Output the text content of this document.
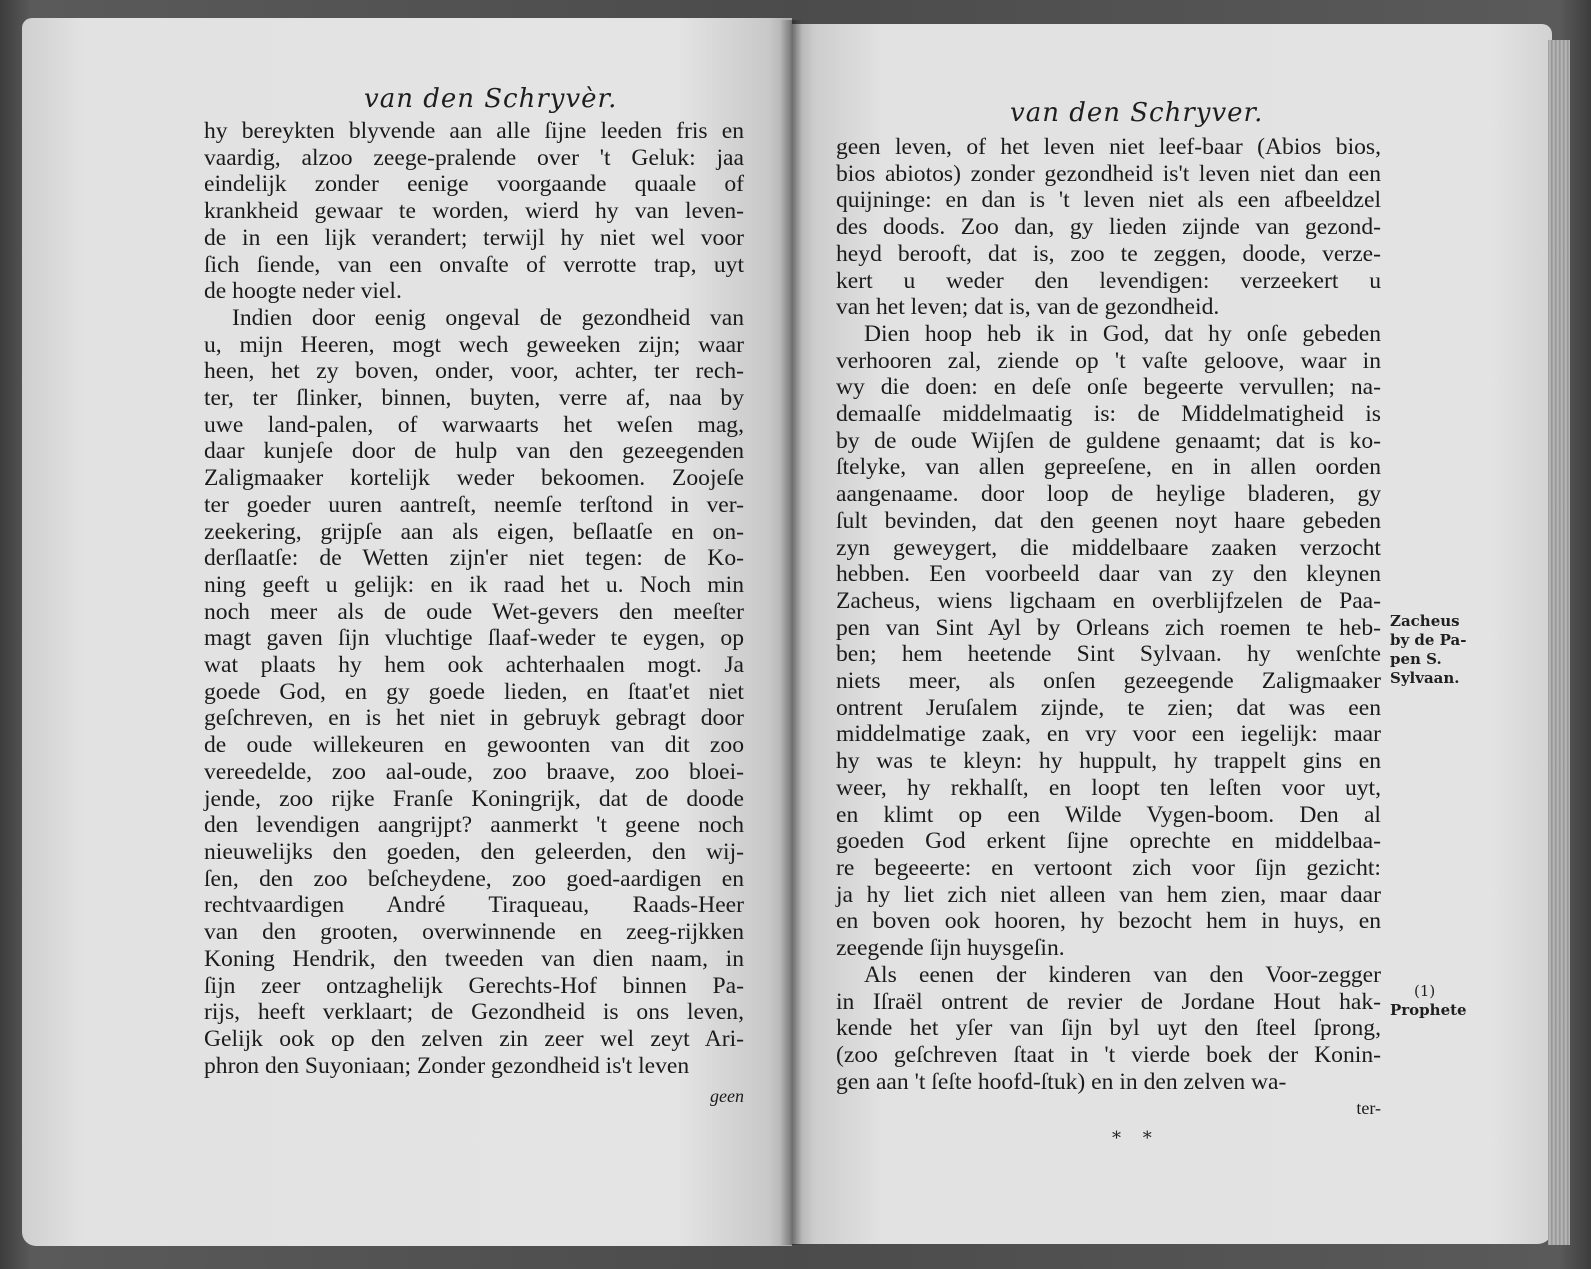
van den Schryvèr.
hy bereykten blyvende aan alle ſijne leeden fris en
vaardig, alzoo zeege-pralende over 't Geluk: jaa
eindelijk zonder eenige voorgaande quaale of
krankheid gewaar te worden, wierd hy van leven-
de in een lijk verandert; terwijl hy niet wel voor
ſich ſiende, van een onvaſte of verrotte trap, uyt
de hoogte neder viel.
Indien door eenig ongeval de gezondheid van
u, mijn Heeren, mogt wech geweeken zijn; waar
heen, het zy boven, onder, voor, achter, ter rech-
ter, ter ſlinker, binnen, buyten, verre af, naa by
uwe land-palen, of warwaarts het weſen mag,
daar kunjeſe door de hulp van den gezeegenden
Zaligmaaker kortelijk weder bekoomen. Zoojeſe
ter goeder uuren aantreſt, neemſe terſtond in ver-
zeekering, grijpſe aan als eigen, beſlaatſe en on-
derſlaatſe: de Wetten zijn'er niet tegen: de Ko-
ning geeft u gelijk: en ik raad het u. Noch min
noch meer als de oude Wet-gevers den meeſter
magt gaven ſijn vluchtige ſlaaf-weder te eygen, op
wat plaats hy hem ook achterhaalen mogt. Ja
goede God, en gy goede lieden, en ſtaat'et niet
geſchreven, en is het niet in gebruyk gebragt door
de oude willekeuren en gewoonten van dit zoo
vereedelde, zoo aal-oude, zoo braave, zoo bloei-
jende, zoo rijke Franſe Koningrijk, dat de doode
den levendigen aangrijpt? aanmerkt 't geene noch
nieuwelijks den goeden, den geleerden, den wij-
ſen, den zoo beſcheydene, zoo goed-aardigen en
rechtvaardigen André Tiraqueau, Raads-Heer
van den grooten, overwinnende en zeeg-rijkken
Koning Hendrik, den tweeden van dien naam, in
ſijn zeer ontzaghelijk Gerechts-Hof binnen Pa-
rijs, heeft verklaart; de Gezondheid is ons leven,
Gelijk ook op den zelven zin zeer wel zeyt Ari-
phron den Suyoniaan; Zonder gezondheid is't leven
geen
van den Schryver.
geen leven, of het leven niet leef-baar (Abios bios,
bios abiotos) zonder gezondheid is't leven niet dan een
quijninge: en dan is 't leven niet als een afbeeldzel
des doods. Zoo dan, gy lieden zijnde van gezond-
heyd berooft, dat is, zoo te zeggen, doode, verze-
kert u weder den levendigen: verzeekert u
van het leven; dat is, van de gezondheid.
Dien hoop heb ik in God, dat hy onſe gebeden
verhooren zal, ziende op 't vaſte geloove, waar in
wy die doen: en deſe onſe begeerte vervullen; na-
demaalſe middelmaatig is: de Middelmatigheid is
by de oude Wijſen de guldene genaamt; dat is ko-
ſtelyke, van allen gepreeſene, en in allen oorden
aangenaame. door loop de heylige bladeren, gy
ſult bevinden, dat den geenen noyt haare gebeden
zyn geweygert, die middelbaare zaaken verzocht
hebben. Een voorbeeld daar van zy den kleynen
Zacheus, wiens ligchaam en overblijfzelen de Paa-
pen van Sint Ayl by Orleans zich roemen te heb-
ben; hem heetende Sint Sylvaan. hy wenſchte
niets meer, als onſen gezeegende Zaligmaaker
ontrent Jeruſalem zijnde, te zien; dat was een
middelmatige zaak, en vry voor een iegelijk: maar
hy was te kleyn: hy huppult, hy trappelt gins en
weer, hy rekhalſt, en loopt ten leſten voor uyt,
en klimt op een Wilde Vygen-boom. Den al
goeden God erkent ſijne oprechte en middelbaa-
re begeeerte: en vertoont zich voor ſijn gezicht:
ja hy liet zich niet alleen van hem zien, maar daar
en boven ook hooren, hy bezocht hem in huys, en
zeegende ſijn huysgeſin.
Als eenen der kinderen van den Voor-zegger
in Iſraël ontrent de revier de Jordane Hout hak-
kende het yſer van ſijn byl uyt den ſteel ſprong,
(zoo geſchreven ſtaat in 't vierde boek der Konin-
gen aan 't ſeſte hoofd-ſtuk) en in den zelven wa-
ter-
Zacheus
by de Pa-
pen S.
Sylvaan.
(1)
Prophete
* *
